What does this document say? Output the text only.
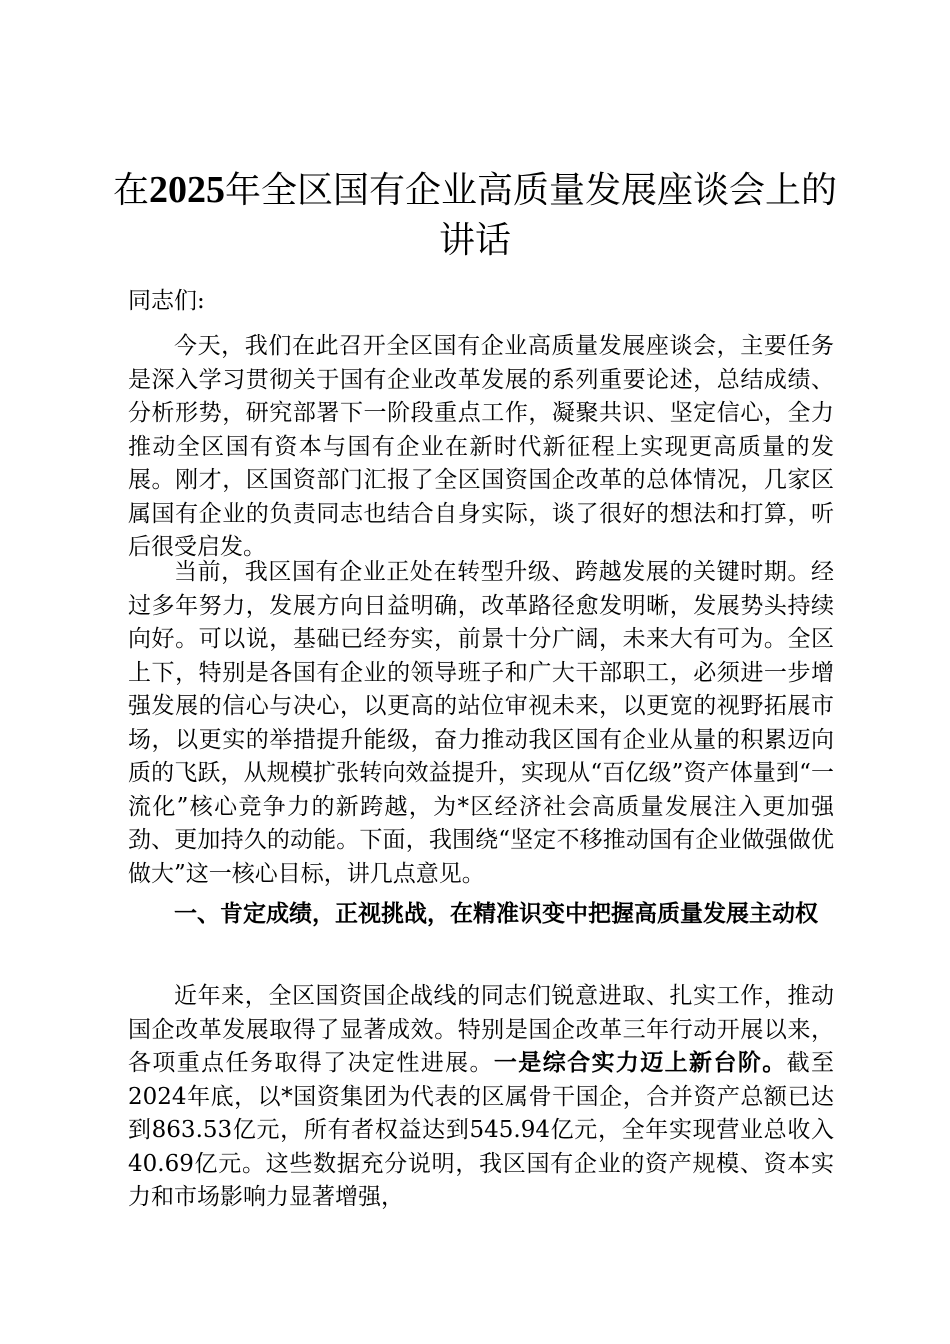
在2025年全区国有企业高质量发展座谈会上的讲话

同志们:

今天，我们在此召开全区国有企业高质量发展座谈会，主要任务是深入学习贯彻关于国有企业改革发展的系列重要论述，总结成绩、分析形势，研究部署下一阶段重点工作，凝聚共识、坚定信心，全力推动全区国有资本与国有企业在新时代新征程上实现更高质量的发展。刚才，区国资部门汇报了全区国资国企改革的总体情况，几家区属国有企业的负责同志也结合自身实际，谈了很好的想法和打算，听后很受启发。

当前，我区国有企业正处在转型升级、跨越发展的关键时期。经过多年努力，发展方向日益明确，改革路径愈发明晰，发展势头持续向好。可以说，基础已经夯实，前景十分广阔，未来大有可为。全区上下，特别是各国有企业的领导班子和广大干部职工，必须进一步增强发展的信心与决心，以更高的站位审视未来，以更宽的视野拓展市场，以更实的举措提升能级，奋力推动我区国有企业从量的积累迈向质的飞跃，从规模扩张转向效益提升，实现从“百亿级”资产体量到“一流化”核心竞争力的新跨越，为*区经济社会高质量发展注入更加强劲、更加持久的动能。下面，我围绕“坚定不移推动国有企业做强做优做大”这一核心目标，讲几点意见。

一、肯定成绩，正视挑战，在精准识变中把握高质量发展主动权

近年来，全区国资国企战线的同志们锐意进取、扎实工作，推动国企改革发展取得了显著成效。特别是国企改革三年行动开展以来，各项重点任务取得了决定性进展。一是综合实力迈上新台阶。截至2024年底，以*国资集团为代表的区属骨干国企，合并资产总额已达到863.53亿元，所有者权益达到545.94亿元，全年实现营业总收入40.69亿元。这些数据充分说明，我区国有企业的资产规模、资本实力和市场影响力显著增强，
